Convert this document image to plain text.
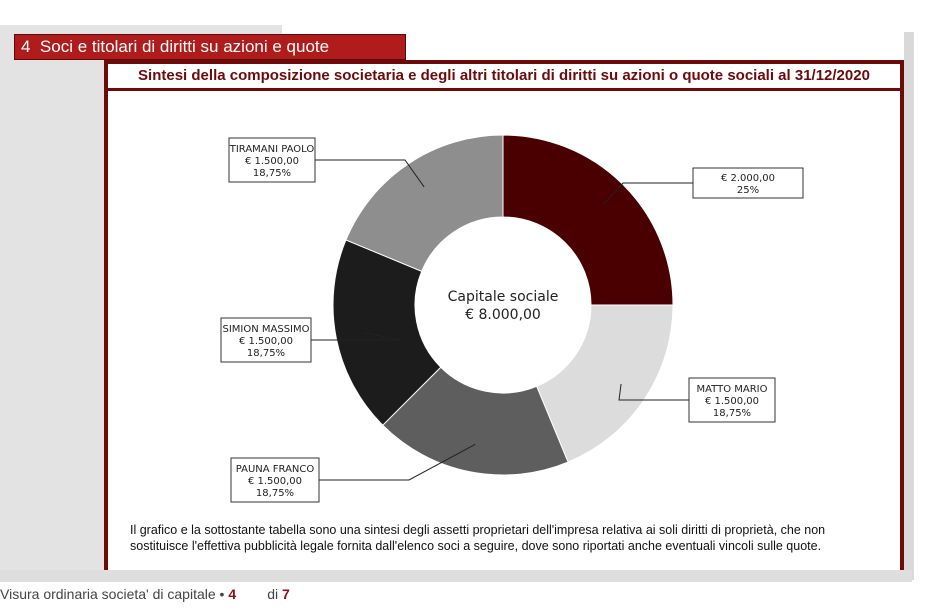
4 Soci e titolari di diritti su azioni e quote
Sintesi della composizione societaria e degli altri titolari di diritti su azioni o quote sociali al 31/12/2020
€ 2.000,00
25%
MATTO MARIO
€ 1.500,00
18,75%
PAUNA FRANCO
€ 1.500,00
18,75%
SIMION MASSIMO
€ 1.500,00
18,75%
TIRAMANI PAOLO
€ 1.500,00
18,75%
Capitale sociale
€ 8.000,00
Il grafico e la sottostante tabella sono una sintesi degli assetti proprietari dell'impresa relativa ai soli diritti di proprietà, che non sostituisce l'effettiva pubblicità legale fornita dall'elenco soci a seguire, dove sono riportati anche eventuali vincoli sulle quote.
Visura ordinaria societa' di capitale • 4 di 7
